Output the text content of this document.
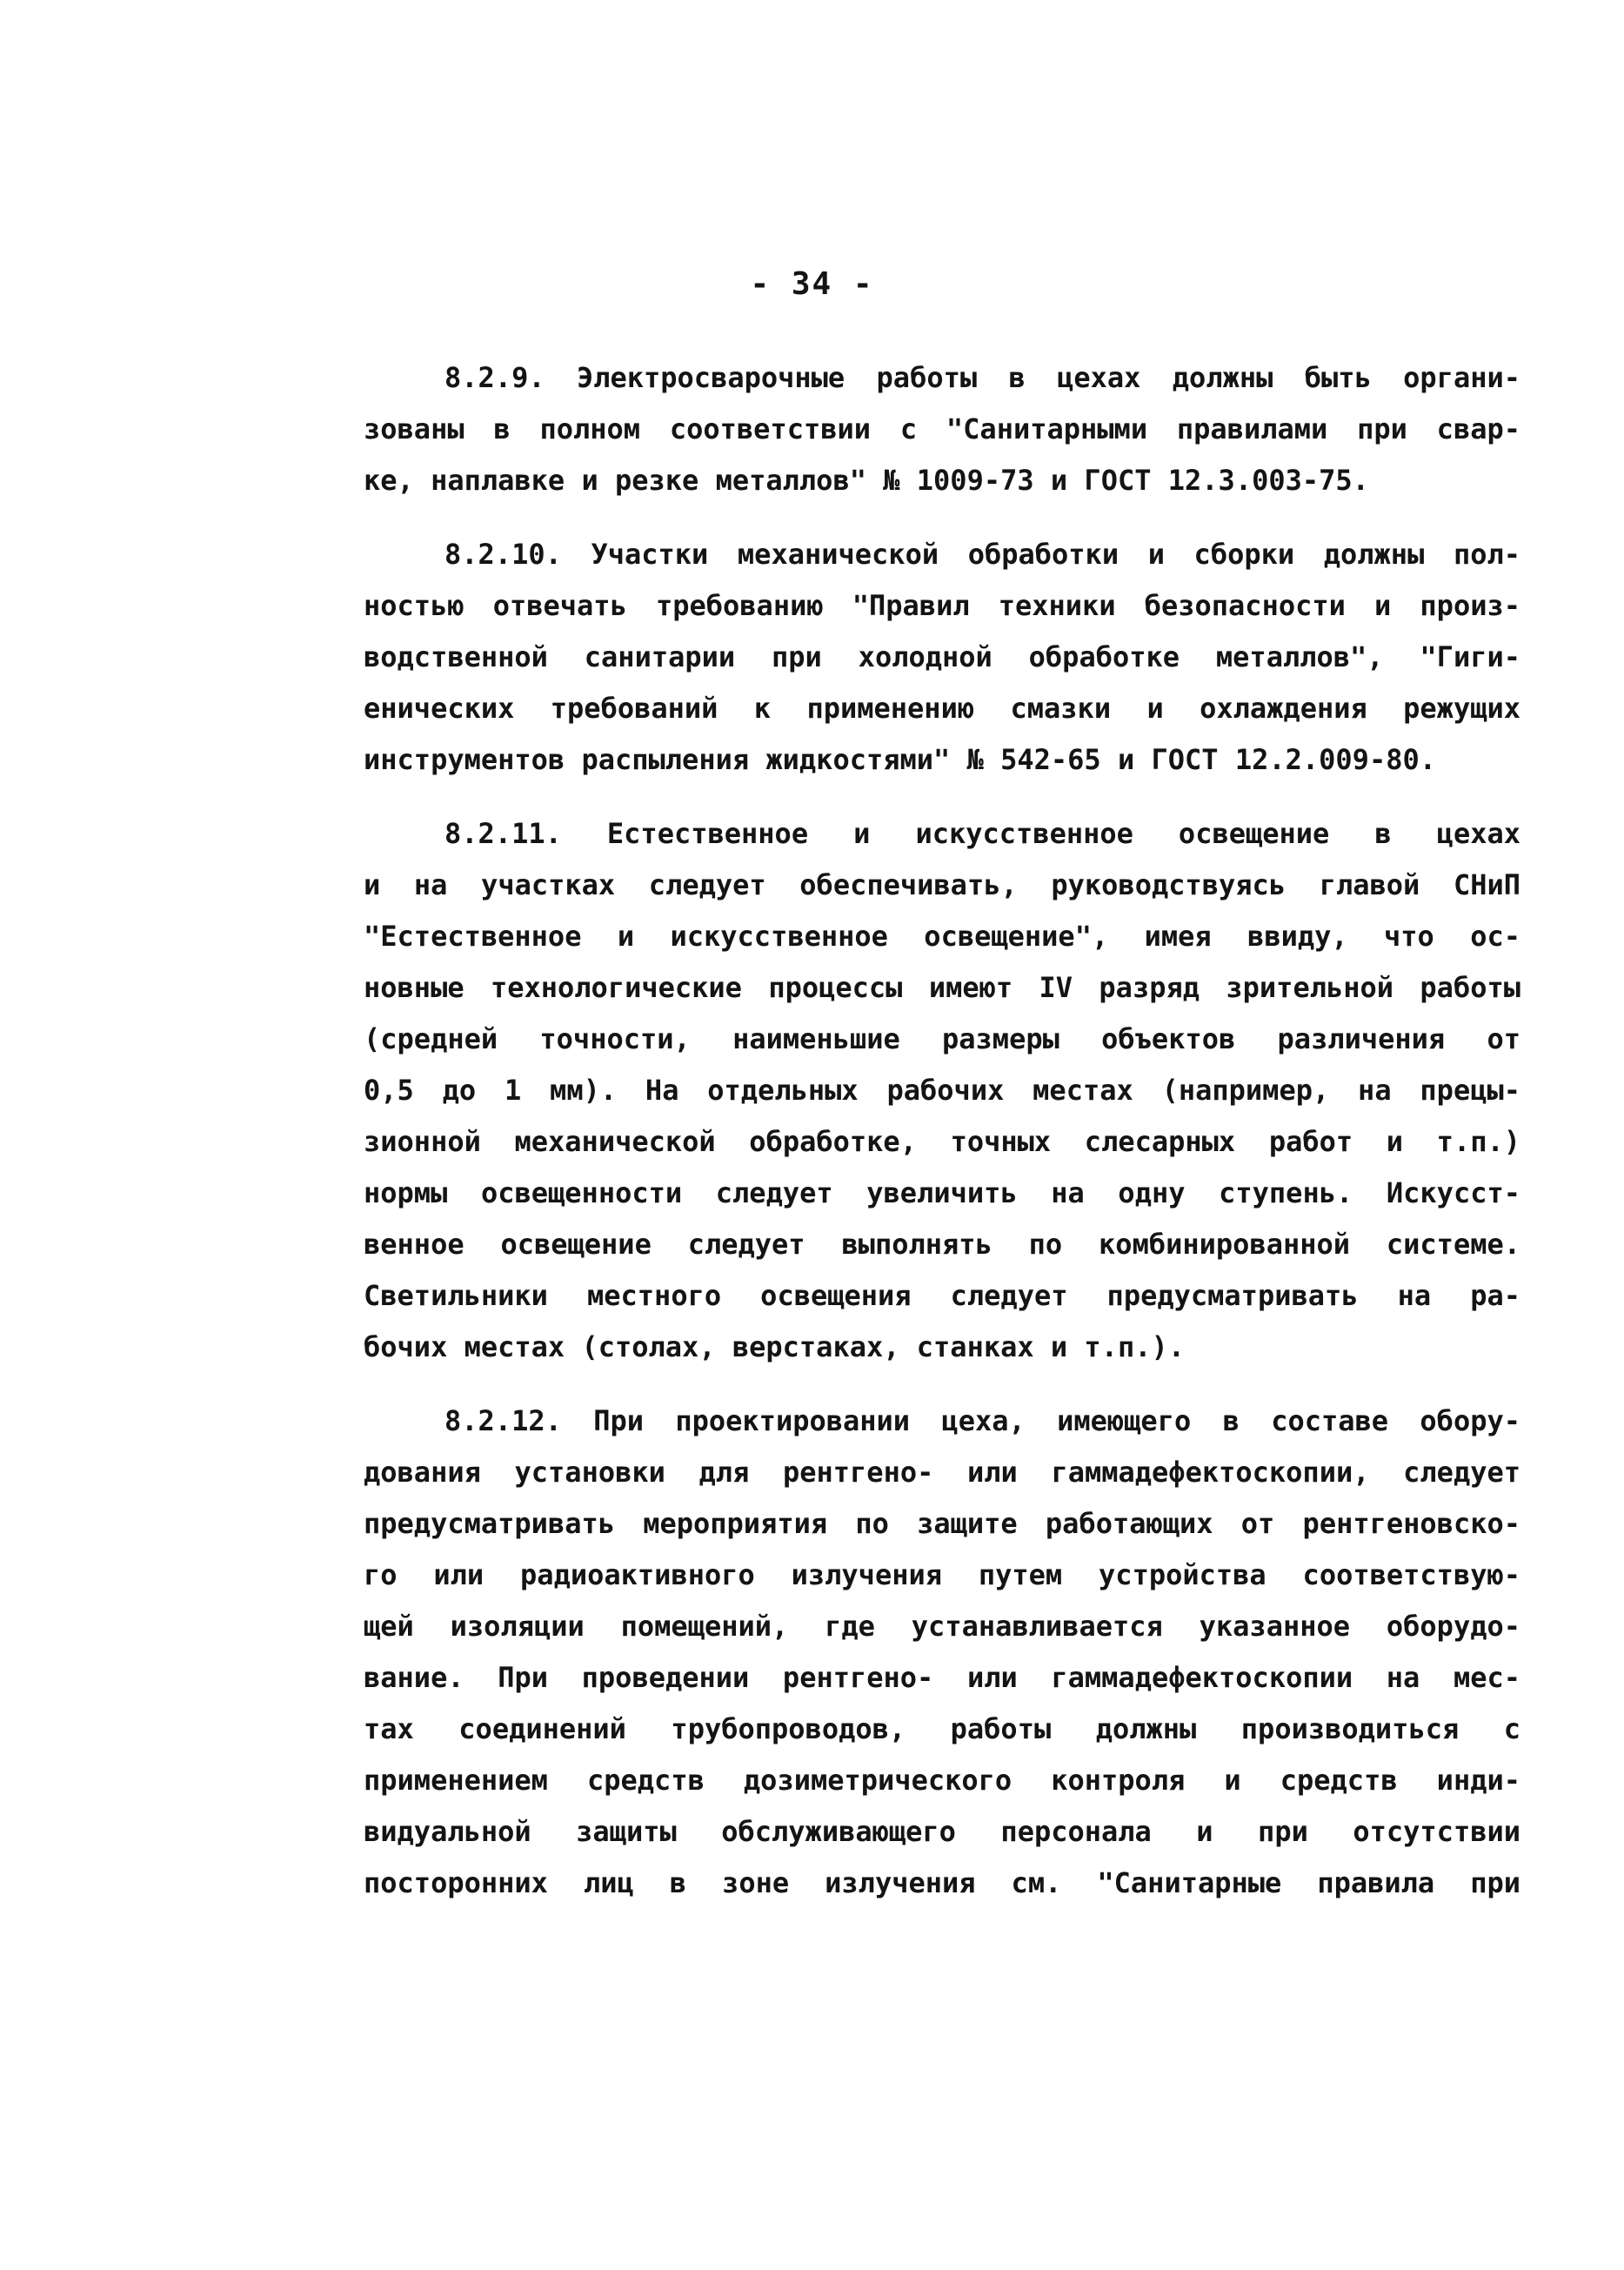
- 34 -
8.2.9. Электросварочные работы в цехах должны быть органи-
зованы в полном соответствии с "Санитарными правилами при свар-
ке, наплавке и резке металлов" № 1009-73 и ГОСТ 12.3.003-75.
8.2.10. Участки механической обработки и сборки должны пол-
ностью отвечать требованию "Правил техники безопасности и произ-
водственной санитарии при холодной обработке металлов", "Гиги-
енических требований к применению смазки и охлаждения режущих
инструментов распыления жидкостями" № 542-65 и ГОСТ 12.2.009-80.
8.2.11. Естественное и искусственное освещение в цехах
и на участках следует обеспечивать, руководствуясь главой СНиП
"Естественное и искусственное освещение", имея ввиду, что ос-
новные технологические процессы имеют IV разряд зрительной работы
(средней точности, наименьшие размеры объектов различения от
0,5 до 1 мм). На отдельных рабочих местах (например, на прецы-
зионной механической обработке, точных слесарных работ и т.п.)
нормы освещенности следует увеличить на одну ступень. Искусст-
венное освещение следует выполнять по комбинированной системе.
Светильники местного освещения следует предусматривать на ра-
бочих местах (столах, верстаках, станках и т.п.).
8.2.12. При проектировании цеха, имеющего в составе обору-
дования установки для рентгено- или гаммадефектоскопии, следует
предусматривать мероприятия по защите работающих от рентгеновско-
го или радиоактивного излучения путем устройства соответствую-
щей изоляции помещений, где устанавливается указанное оборудо-
вание. При проведении рентгено- или гаммадефектоскопии на мес-
тах соединений трубопроводов, работы должны производиться с
применением средств дозиметрического контроля и средств инди-
видуальной защиты обслуживающего персонала и при отсутствии
посторонних лиц в зоне излучения см. "Санитарные правила при
